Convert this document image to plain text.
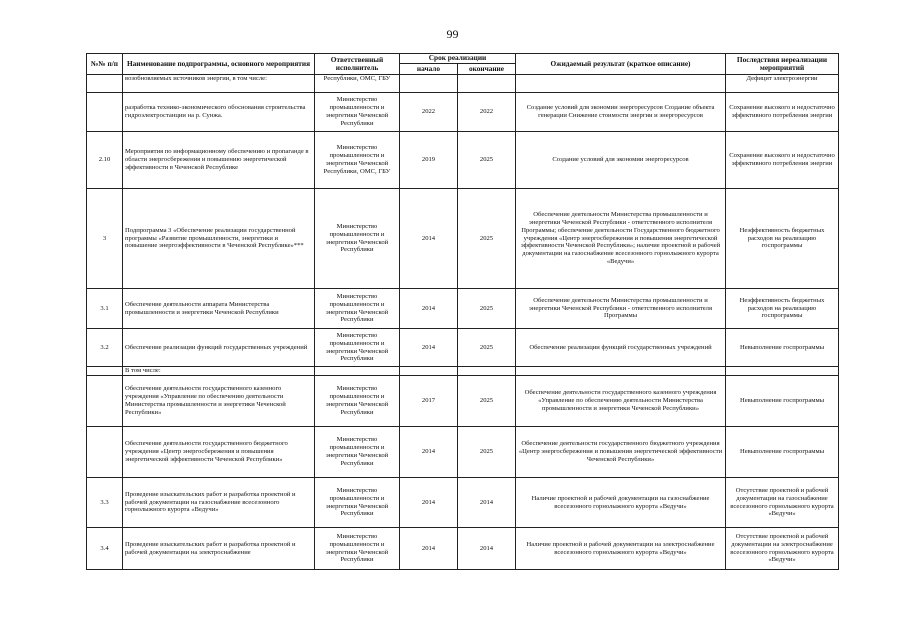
99
№№ п/п	Наименование подпрограммы, основного мероприятия	Ответственный исполнитель	Срок реализации		Ожидаемый результат (краткое описание)	Последствия нереализации мероприятий
			начало	окончание		
	возобновляемых источников энергии, в том числе:	Республики, ОМС, ГБУ				Дефицит электроэнергии
	разработка технико-экономического обоснования строительства гидроэлектростанции на р. Сунжа.	Министерство промышленности и энергетики Чеченской Республики	2022	2022	Создание условий для экономии энергоресурсов Создание объекта генерации Снижение стоимости энергии и энергоресурсов	Сохранение высокого и недостаточно эффективного потребления энергии
2.10	Мероприятия по информационному обеспечению и пропаганде в области энергосбережения и повышению энергетической эффективности в Чеченской Республике	Министерство промышленности и энергетики Чеченской Республики, ОМС, ГБУ	2019	2025	Создание условий для экономии энергоресурсов	Сохранение высокого и недостаточно эффективного потребления энергии
3	Подпрограмма 3 «Обеспечение реализации государственной программы «Развитие промышленности, энергетики и повышение энергоэффективности в Чеченской Республике»***	Министерство промышленности и энергетики Чеченской Республики	2014	2025	Обеспечение деятельности Министерства промышленности и энергетики Чеченской Республики - ответственного исполнителя Программы; обеспечение деятельности Государственного бюджетного учреждения «Центр энергосбережения и повышения энергетической эффективности Чеченской Республики»; наличие проектной и рабочей документации на газоснабжение всесезонного горнолыжного курорта «Ведучи»	Неэффективность бюджетных расходов на реализацию госпрограммы
3.1	Обеспечение деятельности аппарата Министерства промышленности и энергетики Чеченской Республики	Министерство промышленности и энергетики Чеченской Республики	2014	2025	Обеспечение деятельности Министерства промышленности и энергетики Чеченской Республики - ответственного исполнителя Программы	Неэффективность бюджетных расходов на реализацию госпрограммы
3.2	Обеспечение реализации функций государственных учреждений	Министерство промышленности и энергетики Чеченской Республики	2014	2025	Обеспечение реализации функций государственных учреждений	Невыполнение госпрограммы
	В том числе:					
	Обеспечение деятельности государственного казенного учреждения «Управление по обеспечению деятельности Министерства промышленности и энергетики Чеченской Республики»	Министерство промышленности и энергетики Чеченской Республики	2017	2025	Обеспечение деятельности государственного казенного учреждения «Управление по обеспечению деятельности Министерства промышленности и энергетики Чеченской Республики»	Невыполнение госпрограммы
	Обеспечение деятельности государственного бюджетного учреждения «Центр энергосбережения и повышения энергетической эффективности Чеченской Республики»	Министерство промышленности и энергетики Чеченской Республики	2014	2025	Обеспечение деятельности государственного бюджетного учреждения «Центр энергосбережения и повышения энергетической эффективности Чеченской Республики»	Невыполнение госпрограммы
3.3	Проведение изыскательских работ и разработка проектной и рабочей документации на газоснабжение всесезонного горнолыжного курорта «Ведучи»	Министерство промышленности и энергетики Чеченской Республики	2014	2014	Наличие проектной и рабочей документации на газоснабжение всесезонного горнолыжного курорта «Ведучи»	Отсутствие проектной и рабочей документации на газоснабжение всесезонного горнолыжного курорта «Ведучи»
3.4	Проведение изыскательских работ и разработка проектной и рабочей документации на электроснабжение	Министерство промышленности и энергетики Чеченской Республики	2014	2014	Наличие проектной и рабочей документации на электроснабжение всесезонного горнолыжного курорта «Ведучи»	Отсутствие проектной и рабочей документации на электроснабжение всесезонного горнолыжного курорта «Ведучи»
